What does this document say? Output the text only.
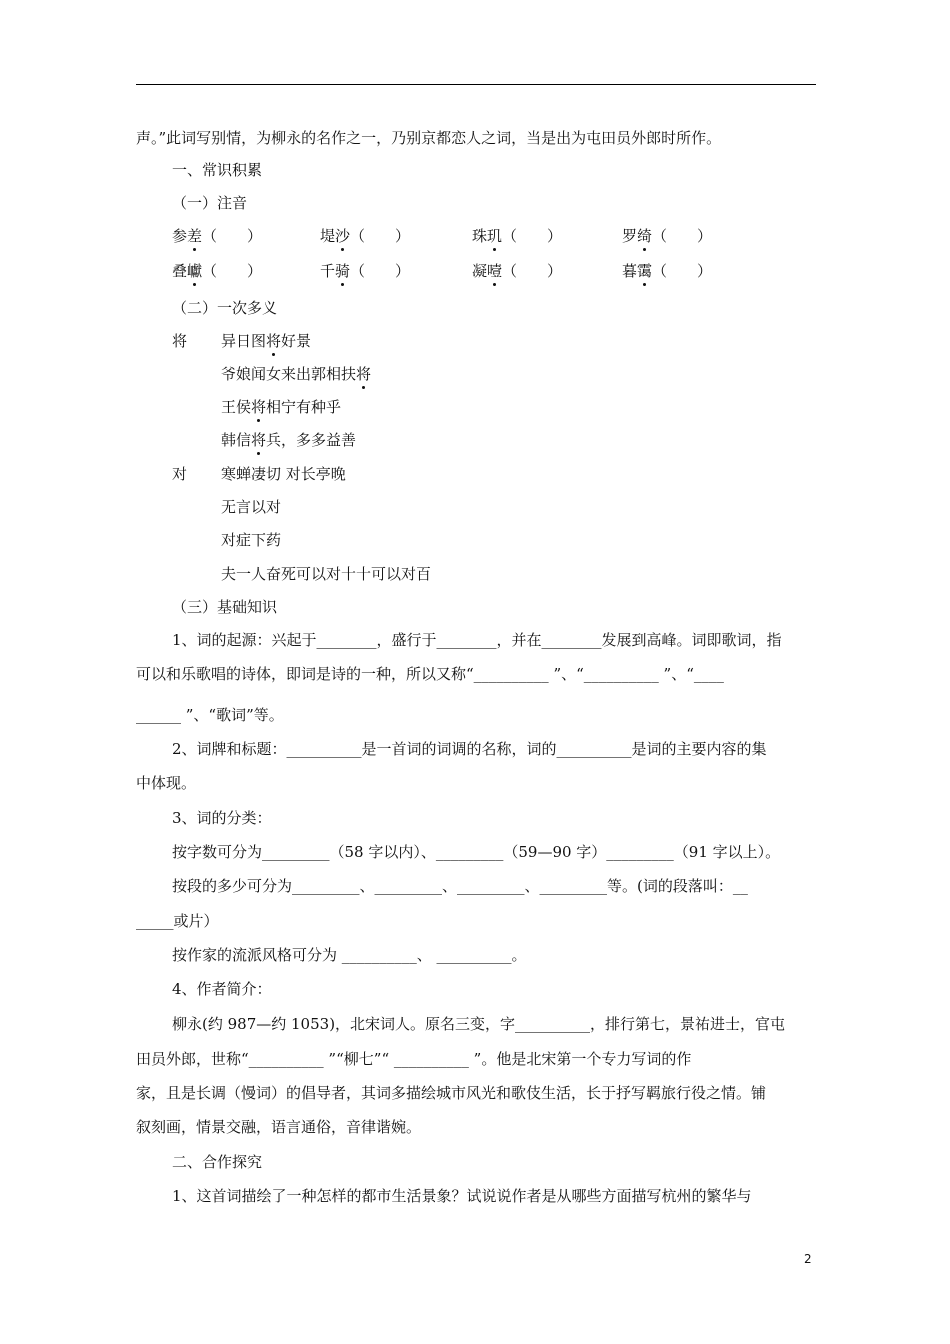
声。”此词写别情，为柳永的名作之一，乃别京都恋人之词，当是出为屯田员外郎时所作。
一、常识积累
（一）注音
参差（　　）	堤沙（　　）	珠玑（　　）	罗绮（　　）
叠巘（　　）	千骑（　　）	凝噎（　　）	暮霭（　　）
（二）一次多义
将 异日图将好景
爷娘闻女来出郭相扶将
王侯将相宁有种乎
韩信将兵，多多益善
对 寒蝉凄切 对长亭晚
无言以对
对症下药
夫一人奋死可以对十十可以对百
（三）基础知识
1、词的起源：兴起于________，盛行于________，并在________发展到高峰。词即歌词，指
可以和乐歌唱的诗体，即词是诗的一种，所以又称“__________ ”、“__________ ”、“____
______ ”、“歌词”等。
2、词牌和标题：__________是一首词的词调的名称，词的__________是词的主要内容的集
中体现。
3、词的分类：
按字数可分为_________（58 字以内）、_________（59—90 字）_________（91 字以上）。
按段的多少可分为_________、_________、_________、_________等。(词的段落叫：__
_____或片）
按作家的流派风格可分为 __________、 __________。
4、作者简介：
柳永(约 987—约 1053)，北宋词人。原名三变，字__________，排行第七，景祐进士，官屯
田员外郎，世称“__________ ”“柳七”“ __________ ”。他是北宋第一个专力写词的作
家，且是长调（慢词）的倡导者，其词多描绘城市风光和歌伎生活，长于抒写羁旅行役之情。铺
叙刻画，情景交融，语言通俗，音律谐婉。
二、合作探究
1、这首词描绘了一种怎样的都市生活景象？试说说作者是从哪些方面描写杭州的繁华与
2
